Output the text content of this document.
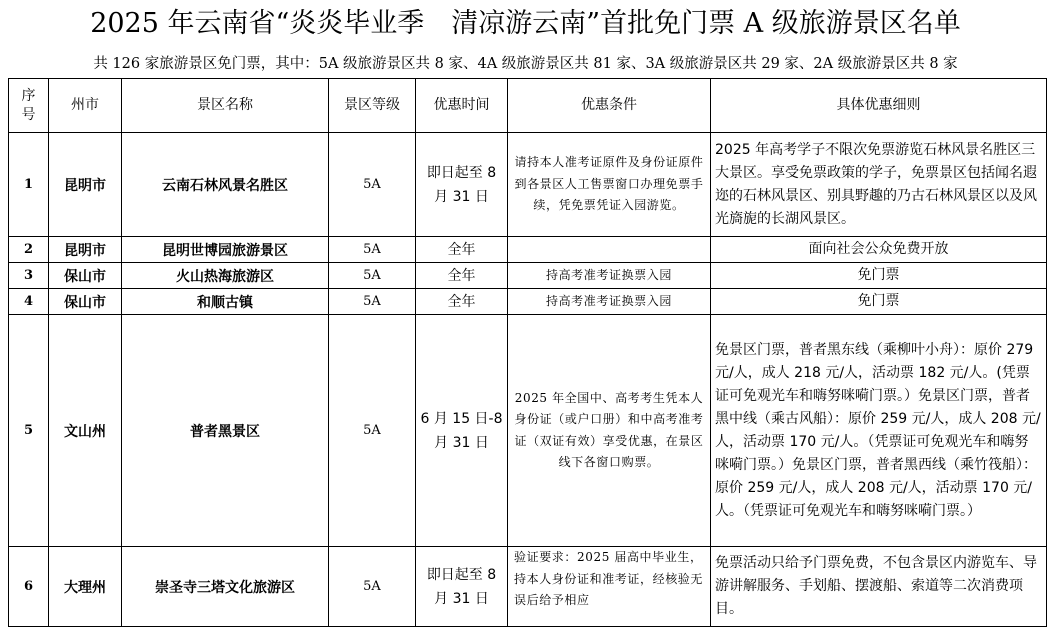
2025 年云南省“炎炎毕业季　清凉游云南”首批免门票 A 级旅游景区名单
共 126 家旅游景区免门票，其中：5A 级旅游景区共 8 家、4A 级旅游景区共 81 家、3A 级旅游景区共 29 家、2A 级旅游景区共 8 家
序号	州市	景区名称	景区等级	优惠时间	优惠条件	具体优惠细则
1	昆明市	云南石林风景名胜区	5A	即日起至 8 月 31 日	请持本人准考证原件及身份证原件到各景区人工售票窗口办理免票手续，凭免票凭证入园游览。	2025 年高考学子不限次免票游览石林风景名胜区三大景区。享受免票政策的学子，免票景区包括闻名遐迩的石林风景区、别具野趣的乃古石林风景区以及风光旖旎的长湖风景区。
2	昆明市	昆明世博园旅游景区	5A	全年		面向社会公众免费开放
3	保山市	火山热海旅游区	5A	全年	持高考准考证换票入园	免门票
4	保山市	和顺古镇	5A	全年	持高考准考证换票入园	免门票
5	文山州	普者黑景区	5A	6 月 15 日-8 月 31 日	2025 年全国中、高考考生凭本人身份证（或户口册）和中高考准考证（双证有效）享受优惠，在景区线下各窗口购票。	免景区门票，普者黑东线（乘柳叶小舟）：原价 279 元/人，成人 218 元/人，活动票 182 元/人。(凭票证可免观光车和嗨努咪嗬门票。）免景区门票，普者黑中线（乘古风船）：原价 259 元/人，成人 208 元/人，活动票 170 元/人。（凭票证可免观光车和嗨努咪嗬门票。）免景区门票，普者黑西线（乘竹筏船）：原价 259 元/人，成人 208 元/人，活动票 170 元/人。（凭票证可免观光车和嗨努咪嗬门票。）
6	大理州	崇圣寺三塔文化旅游区	5A	即日起至 8 月 31 日	验证要求：2025 届高中毕业生，持本人身份证和准考证，经核验无误后给予相应	免票活动只给予门票免费，不包含景区内游览车、导游讲解服务、手划船、摆渡船、索道等二次消费项目。
